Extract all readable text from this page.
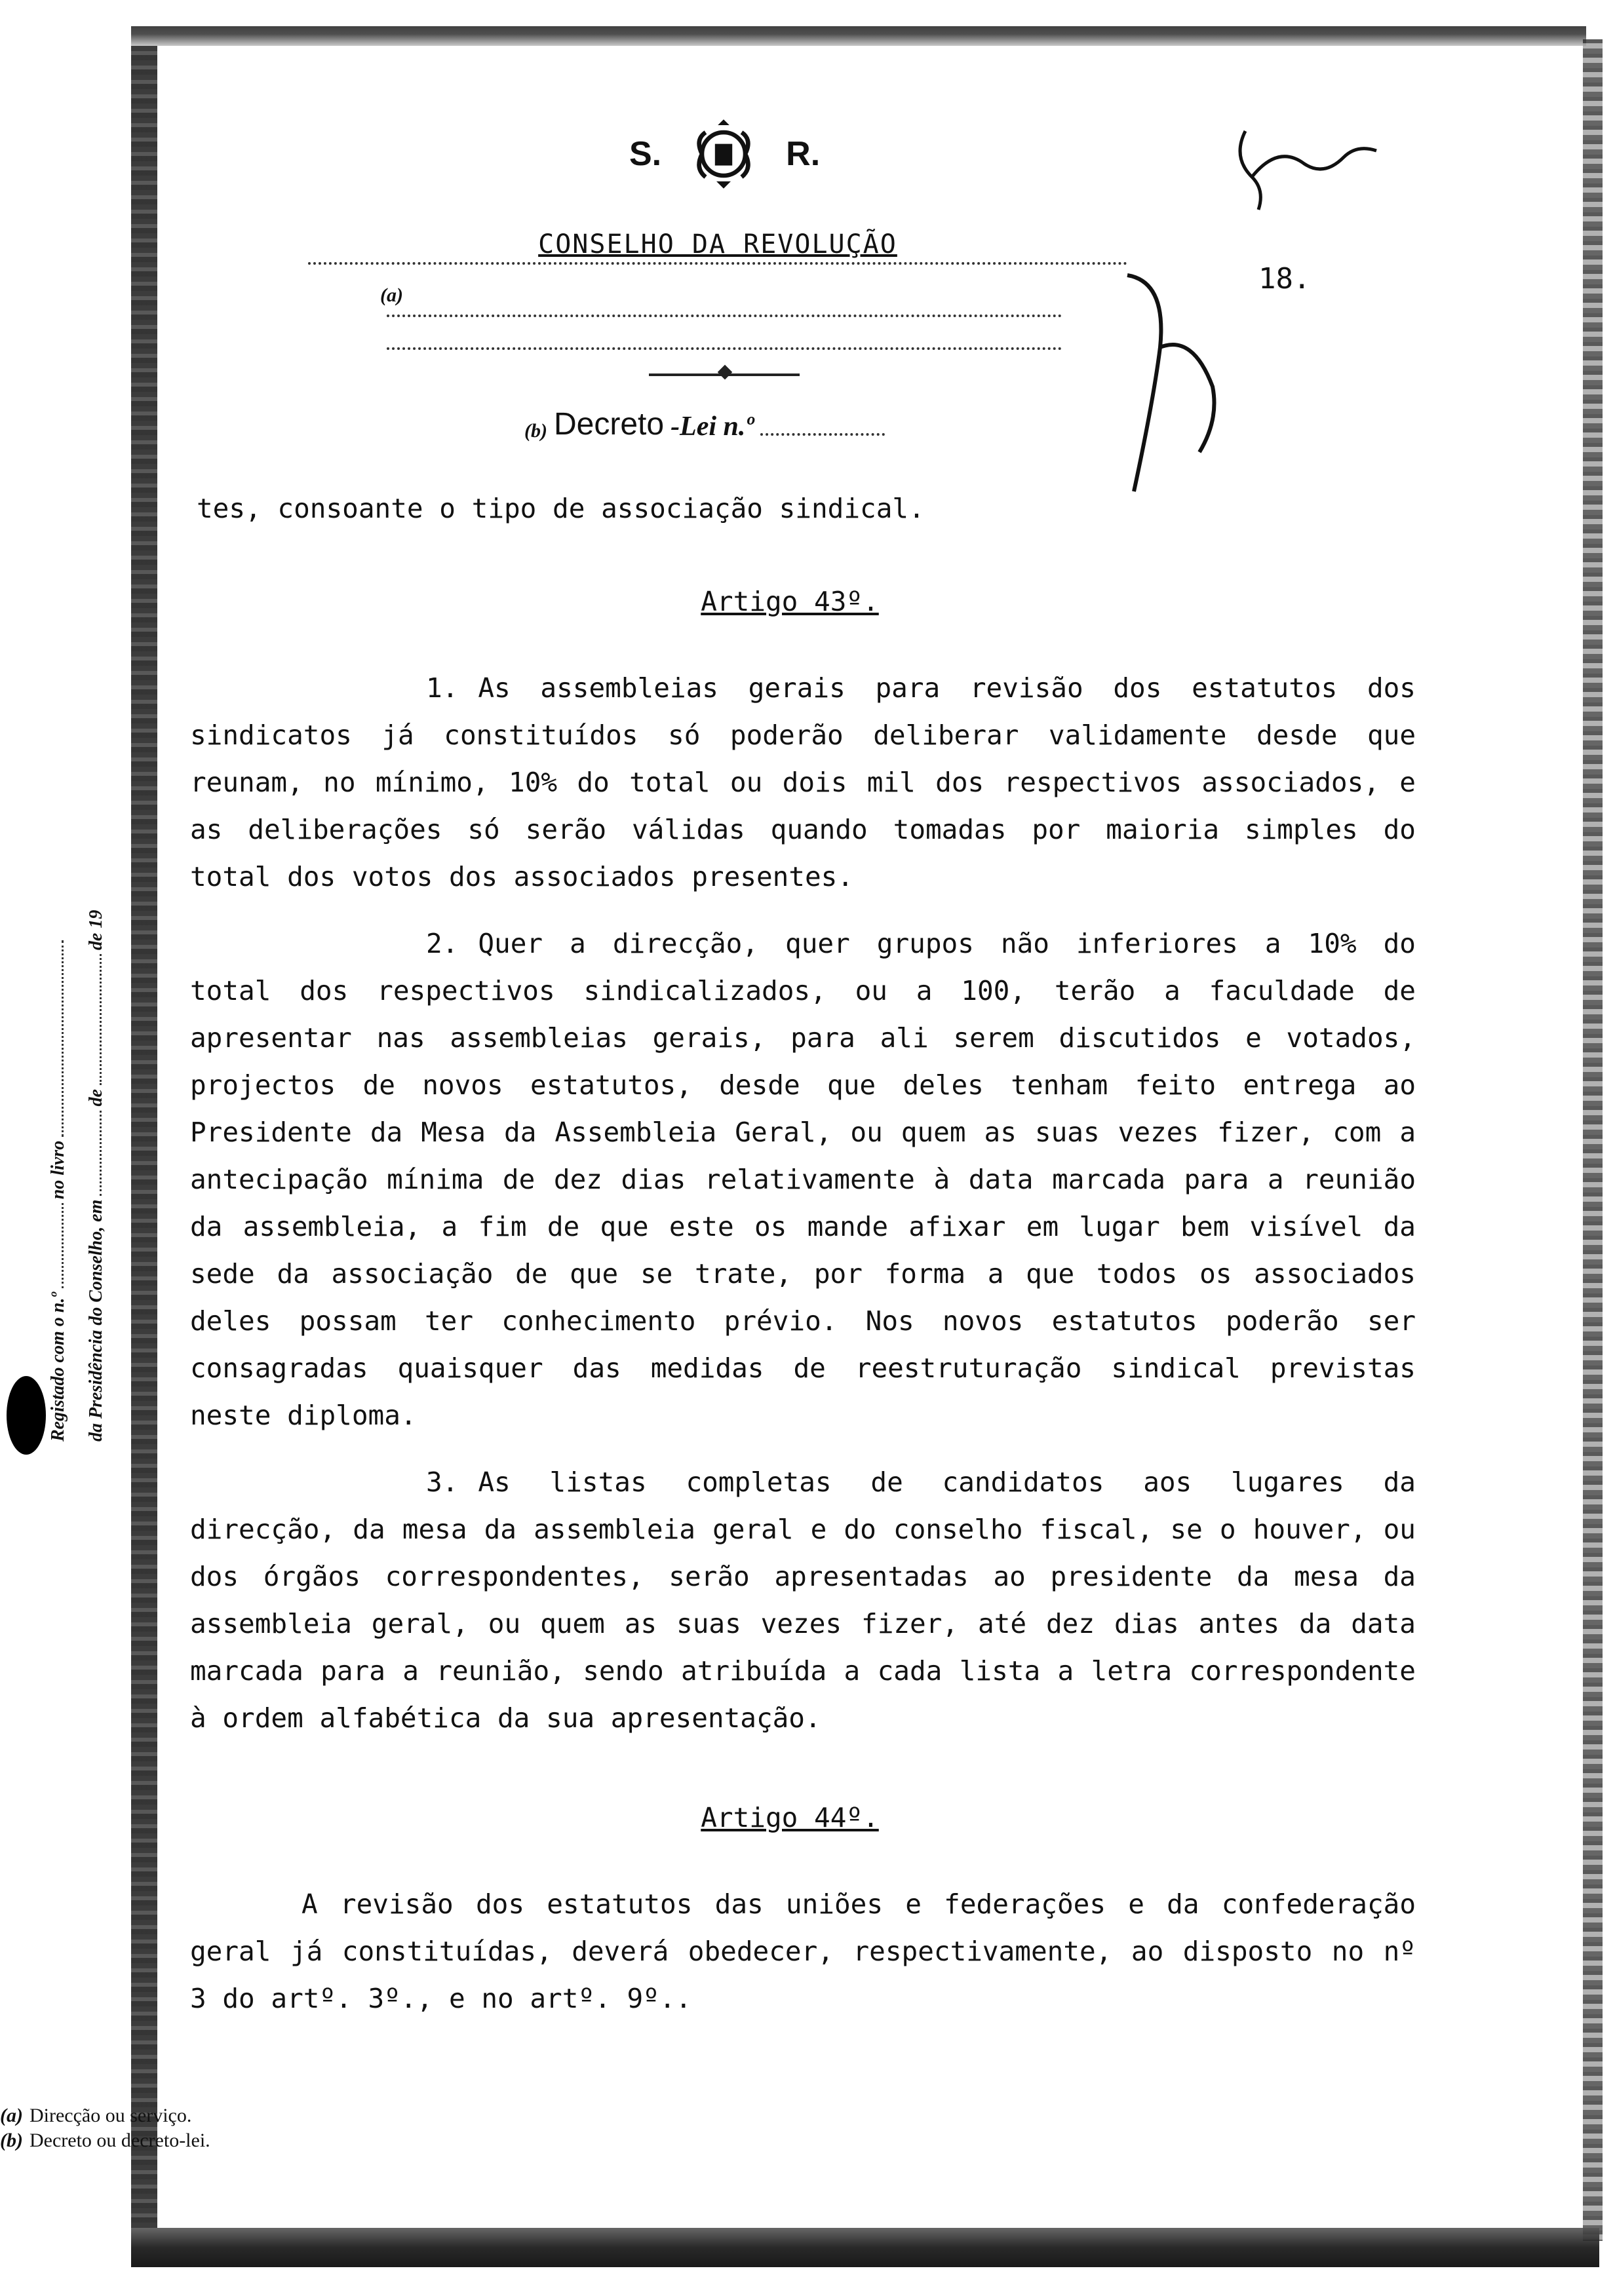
S.	R.
CONSELHO DA REVOLUÇÃO
(a)
(b) Decreto -Lei n.º
18.
Registado com o n.ºno livro
da Presidência do Conselho, emdede 19

tes, consoante o tipo de associação sindical.

Artigo 43º.

1. As assembleias gerais para revisão dos estatutos dos sindicatos já constituídos só poderão deliberar validamente desde que reunam, no mínimo, 10% do total ou dois mil dos respectivos associados, e as deliberações só serão válidas quando tomadas por maioria simples do total dos votos dos associados presentes.

2. Quer a direcção, quer grupos não inferiores a 10% do total dos respectivos sindicalizados, ou a 100, terão a faculdade de apresentar nas assembleias gerais, para ali serem discutidos e votados, projectos de novos estatutos, desde que deles tenham feito entrega ao Presidente da Mesa da Assembleia Geral, ou quem as suas vezes fizer, com a antecipação mínima de dez dias relativamente à data marcada para a reunião da assembleia, a fim de que este os mande afixar em lugar bem visível da sede da associação de que se trate, por forma a que todos os associados deles possam ter conhecimento prévio. Nos novos estatutos poderão ser consagradas quaisquer das medidas de reestruturação sindical previstas neste diploma.

3. As listas completas de candidatos aos lugares da direcção, da mesa da assembleia geral e do conselho fiscal, se o houver, ou dos órgãos correspondentes, serão apresentadas ao presidente da mesa da assembleia geral, ou quem as suas vezes fizer, até dez dias antes da data marcada para a reunião, sendo atribuída a cada lista a letra correspondente à ordem alfabética da sua apresentação.

Artigo 44º.

A revisão dos estatutos das uniões e federações e da confederação geral já constituídas, deverá obedecer, respectivamente, ao disposto no nº 3 do artº. 3º., e no artº. 9º..

(a) Direcção ou serviço.
(b) Decreto ou decreto-lei.
